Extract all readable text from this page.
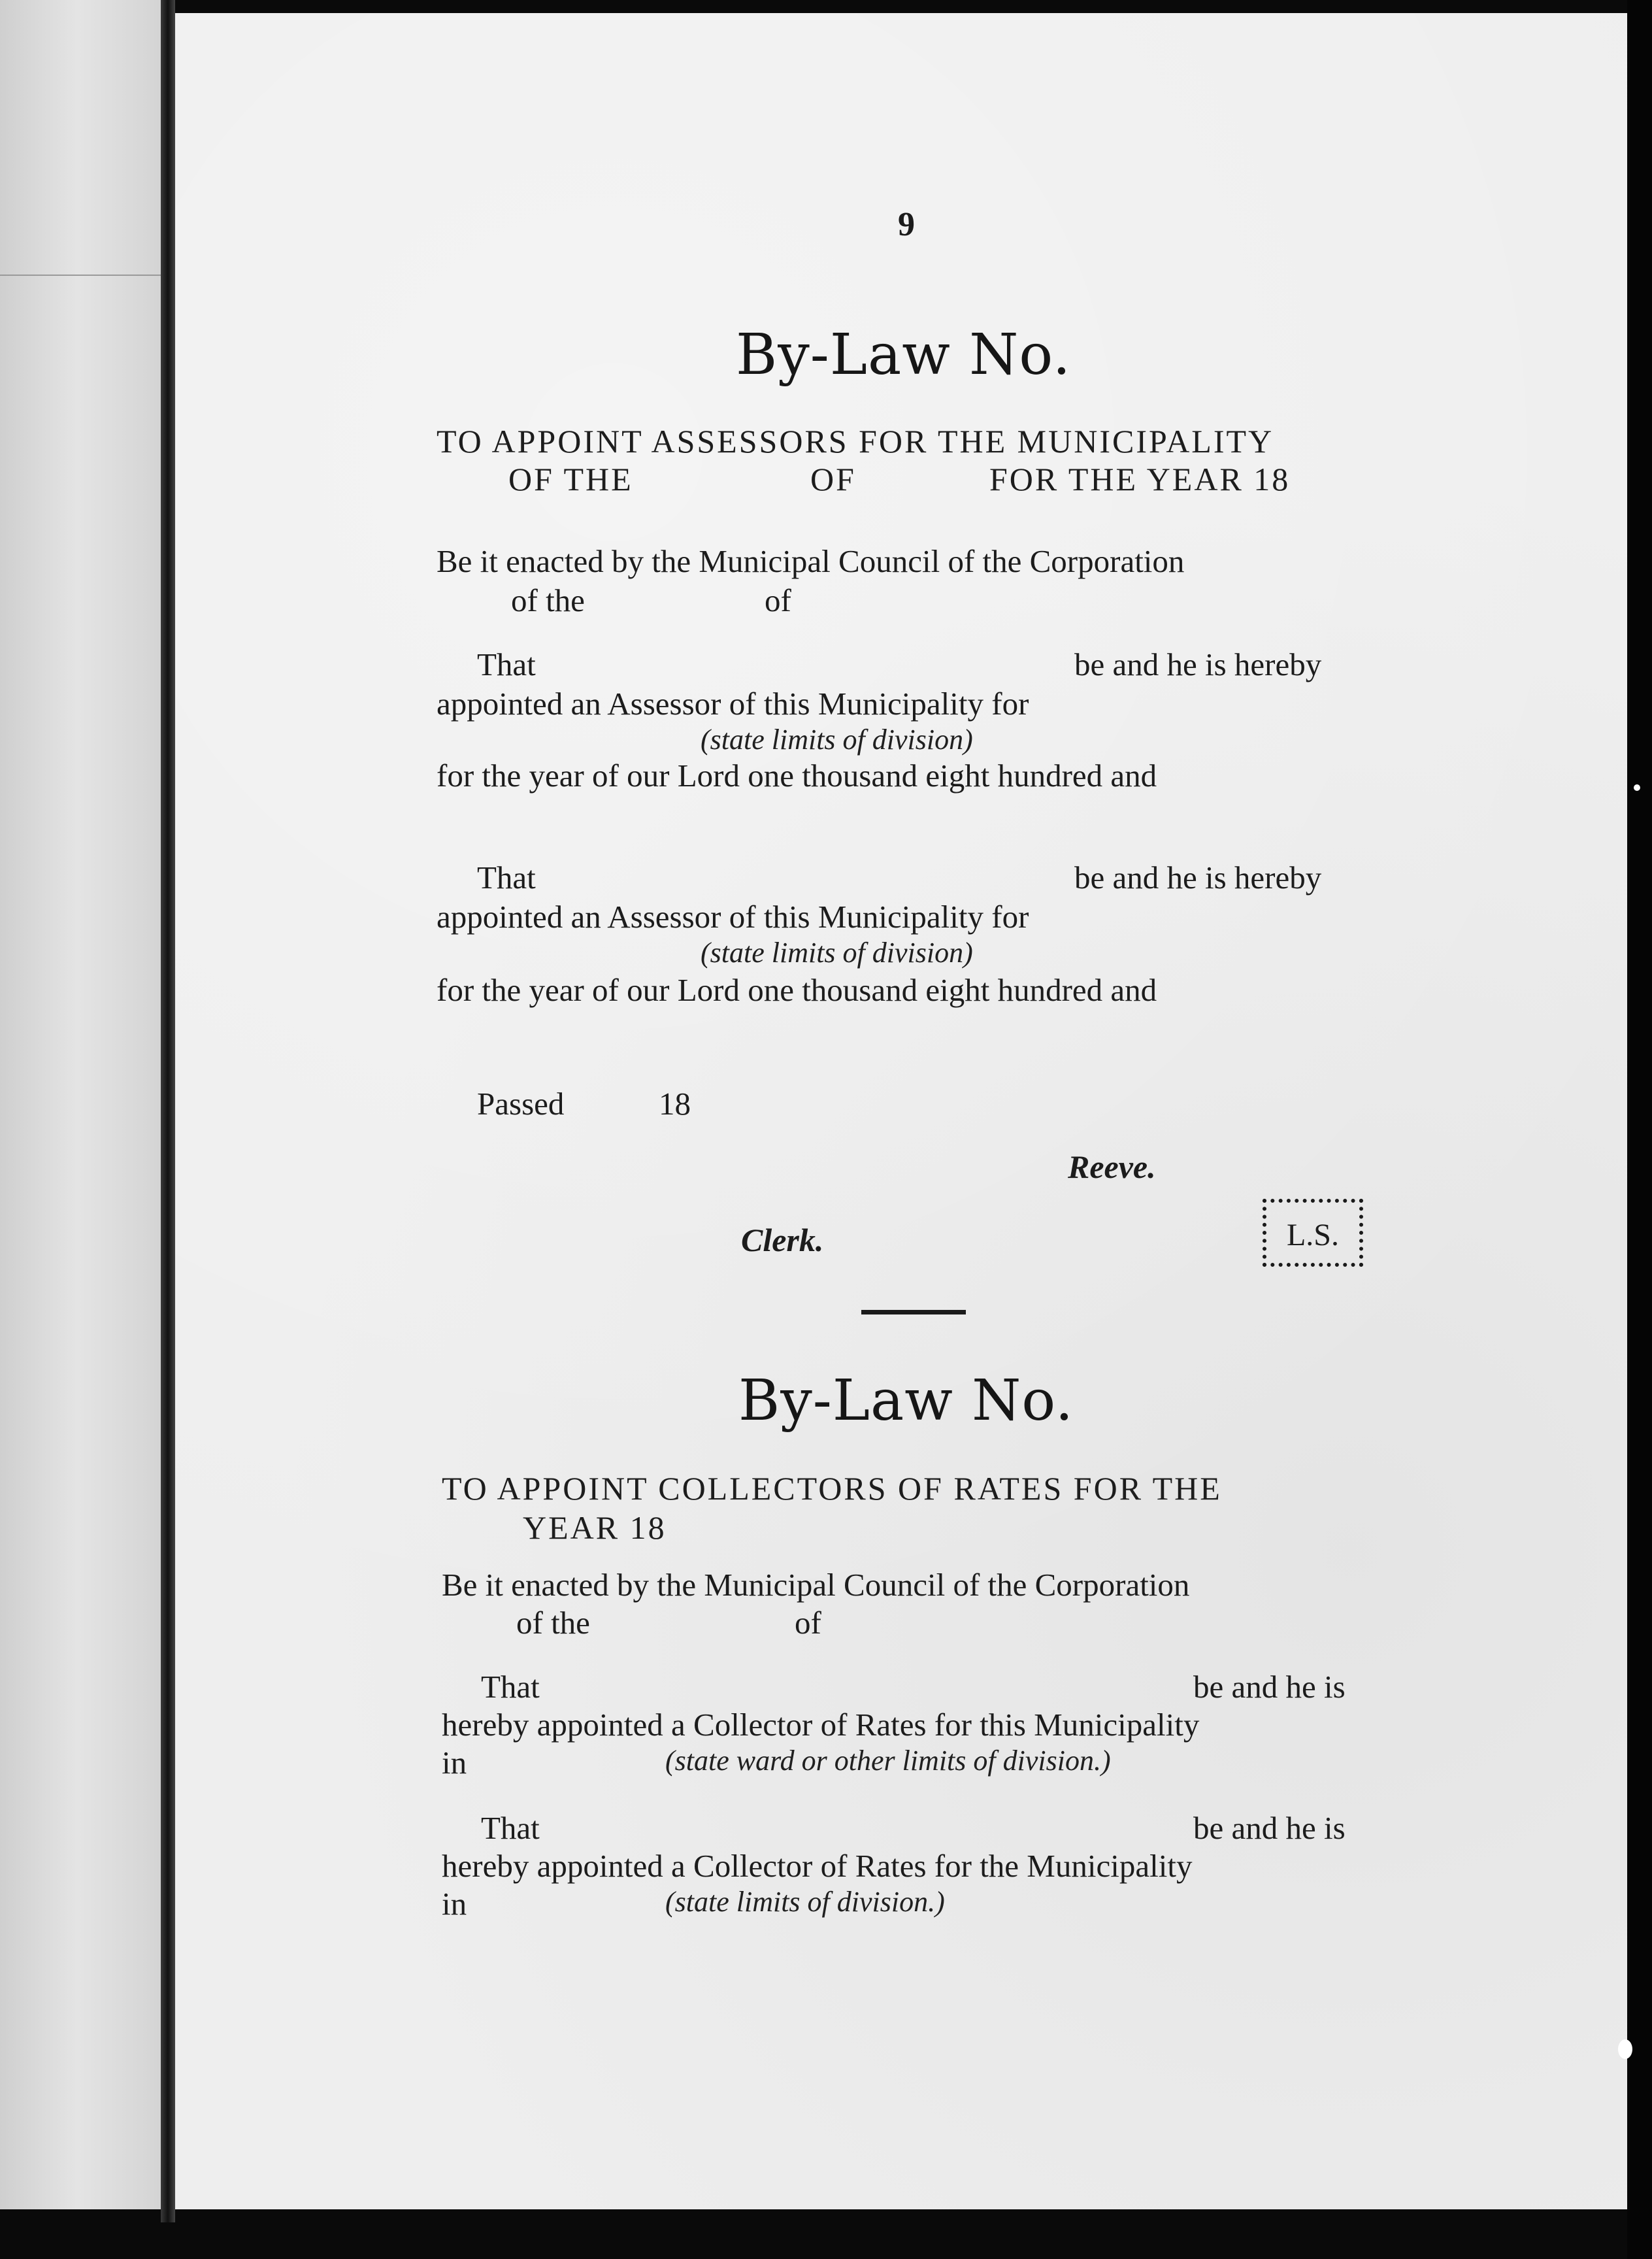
9
By-Law No.
TO APPOINT ASSESSORS FOR THE MUNICIPALITY
OF THE	OF	FOR THE YEAR 18
Be it enacted by the Municipal Council of the Corporation
of the	of
That	be and he is hereby
appointed an Assessor of this Municipality for
(state limits of division)
for the year of our Lord one thousand eight hundred and
That	be and he is hereby
appointed an Assessor of this Municipality for
(state limits of division)
for the year of our Lord one thousand eight hundred and
Passed	18
Reeve.
Clerk.	L.S.
By-Law No.
TO APPOINT COLLECTORS OF RATES FOR THE
YEAR 18
Be it enacted by the Municipal Council of the Corporation
of the	of
That	be and he is
hereby appointed a Collector of Rates for this Municipality
in	(state ward or other limits of division.)
That	be and he is
hereby appointed a Collector of Rates for the Municipality
in	(state limits of division.)
